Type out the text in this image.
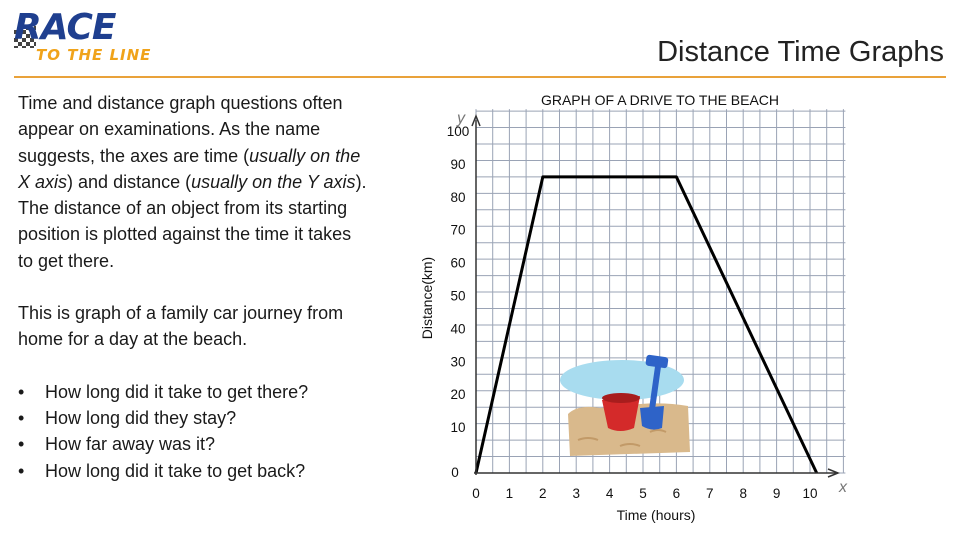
RACE
TO THE LINE	Distance Time Graphs

Time and distance graph questions often appear on examinations. As the name suggests, the axes are time (usually on the X axis) and distance (usually on the Y axis). The distance of an object from its starting position is plotted against the time it takes to get there.

This is graph of a family car journey from home for a day at the beach.

• How long did it take to get there?
• How long did they stay?
• How far away was it?
• How long did it take to get back?
GRAPH OF A DRIVE TO THE BEACH
Time (hours)
Distance(km)
y
x
0 1 2 3 4 5 6 7 8 9 10
0
10
20
30
40
50
60
70
80
90
100
